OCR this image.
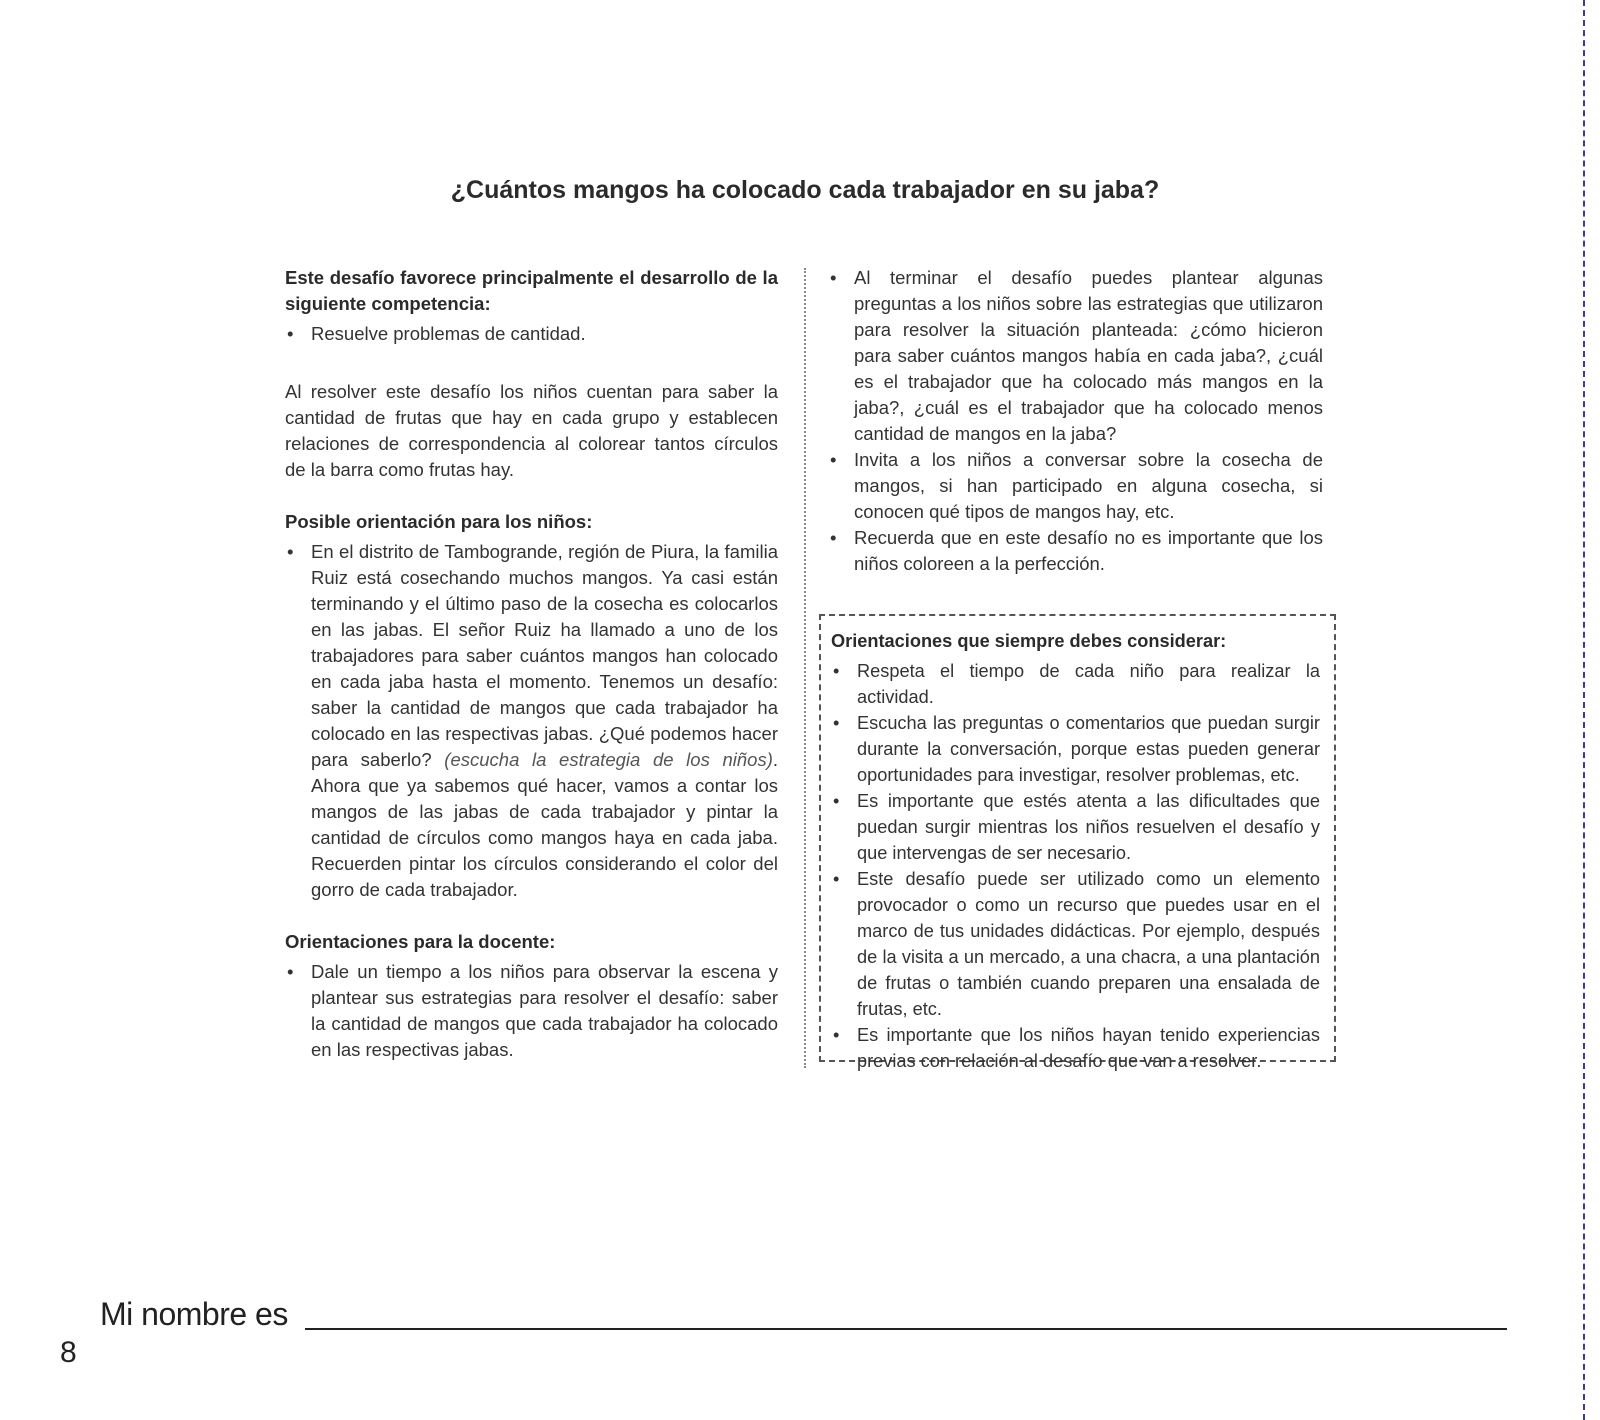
¿Cuántos mangos ha colocado cada trabajador en su jaba?

Este desafío favorece principalmente el desarrollo de la siguiente competencia:

• Resuelve problemas de cantidad.

Al resolver este desafío los niños cuentan para saber la cantidad de frutas que hay en cada grupo y establecen relaciones de correspondencia al colorear tantos círculos de la barra como frutas hay.

Posible orientación para los niños:

• En el distrito de Tambogrande, región de Piura, la familia Ruiz está cosechando muchos mangos. Ya casi están terminando y el último paso de la cosecha es colocarlos en las jabas. El señor Ruiz ha llamado a uno de los trabajadores para saber cuántos mangos han colocado en cada jaba hasta el momento. Tenemos un desafío: saber la cantidad de mangos que cada trabajador ha colocado en las respectivas jabas. ¿Qué podemos hacer para saberlo? (escucha la estrategia de los niños). Ahora que ya sabemos qué hacer, vamos a contar los mangos de las jabas de cada trabajador y pintar la cantidad de círculos como mangos haya en cada jaba. Recuerden pintar los círculos considerando el color del gorro de cada trabajador.

Orientaciones para la docente:

• Dale un tiempo a los niños para observar la escena y plantear sus estrategias para resolver el desafío: saber la cantidad de mangos que cada trabajador ha colocado en las respectivas jabas.
• Al terminar el desafío puedes plantear algunas preguntas a los niños sobre las estrategias que utilizaron para resolver la situación planteada: ¿cómo hicieron para saber cuántos mangos había en cada jaba?, ¿cuál es el trabajador que ha colocado más mangos en la jaba?, ¿cuál es el trabajador que ha colocado menos cantidad de mangos en la jaba?
• Invita a los niños a conversar sobre la cosecha de mangos, si han participado en alguna cosecha, si conocen qué tipos de mangos hay, etc.
• Recuerda que en este desafío no es importante que los niños coloreen a la perfección.

Orientaciones que siempre debes considerar:

• Respeta el tiempo de cada niño para realizar la actividad.
• Escucha las preguntas o comentarios que puedan surgir durante la conversación, porque estas pueden generar oportunidades para investigar, resolver problemas, etc.
• Es importante que estés atenta a las dificultades que puedan surgir mientras los niños resuelven el desafío y que intervengas de ser necesario.
• Este desafío puede ser utilizado como un elemento provocador o como un recurso que puedes usar en el marco de tus unidades didácticas. Por ejemplo, después de la visita a un mercado, a una chacra, a una plantación de frutas o también cuando preparen una ensalada de frutas, etc.
• Es importante que los niños hayan tenido experiencias previas con relación al desafío que van a resolver.
Mi nombre es
8
